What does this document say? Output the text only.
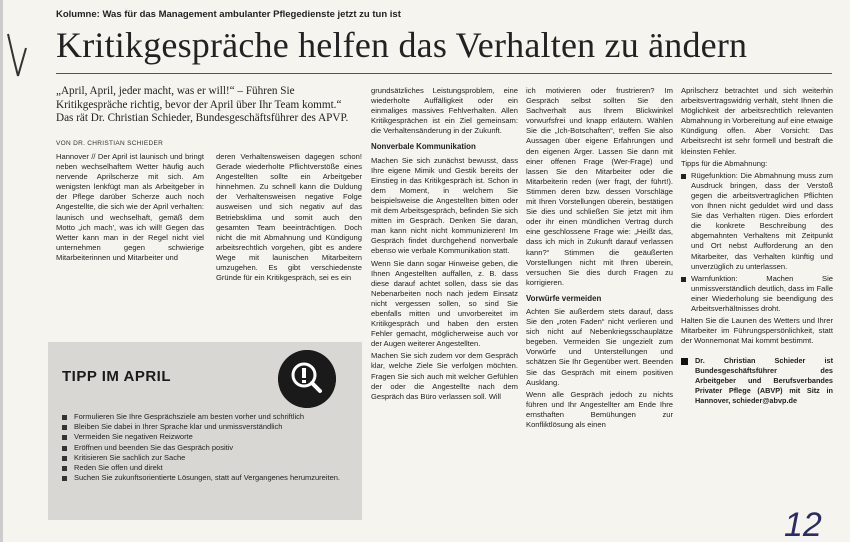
Kolumne: Was für das Management ambulanter Pflegedienste jetzt zu tun ist
Kritikgespräche helfen das Verhalten zu ändern
„April, April, jeder macht, was er will!“ – Führen Sie Kritikgespräche richtig, bevor der April über Ihr Team kommt.“ Das rät Dr. Christian Schieder, Bundesgeschäftsführer des APVP.
VON DR. CHRISTIAN SCHIEDER

Hannover // Der April ist launisch und bringt neben wechselhaftem Wetter häufig auch nervende Aprilscherze mit sich. Am wenigsten lenkfügt man als Arbeitgeber in der Pflege darüber Scherze auch noch Angestellte, die sich wie der April verhalten: launisch und wechselhaft, gemäß dem Motto „ich mach', was ich will! Gegen das Wetter kann man in der Regel nicht viel unternehmen gegen schwierige Mitarbeiterinnen und Mitarbeiter und

deren Verhaltensweisen dagegen schon! Gerade wiederholte Pflichtverstöße eines Angestellten sollte ein Arbeitgeber hinnehmen. Zu schnell kann die Duldung der Verhaltensweisen negative Folge ausweisen und sich negativ auf das Betriebsklima und somit auch den gesamten Team beeinträchtigen. Doch nicht die mit Abmahnung und Kündigung arbeitsrechtlich vorgehen, gibt es andere Wege mit launischen Mitarbeitern umzugehen. Es gibt verschiedenste Gründe für ein Kritikgespräch, sei es ein

TIPP IM APRIL
Formulieren Sie Ihre Gesprächsziele am besten vorher und schriftlich
Bleiben Sie dabei in Ihrer Sprache klar und unmissverständlich
Vermeiden Sie negativen Reizworte
Eröffnen und beenden Sie das Gespräch positiv
Kritisieren Sie sachlich zur Sache
Reden Sie offen und direkt
Suchen Sie zukunftsorientierte Lösungen, statt auf Vergangenes herumzureiten.

grundsätzliches Leistungsproblem, eine wiederholte Auffälligkeit oder ein einmaliges massives Fehlverhalten. Allen Kritikgesprächen ist ein Ziel gemeinsam: die Verhaltensänderung in der Zukunft.

Nonverbale Kommunikation

Machen Sie sich zunächst bewusst, dass Ihre eigene Mimik und Gestik bereits der Einstieg in das Kritikgespräch ist. Schon in dem Moment, in welchem Sie beispielsweise die Angestellten bitten oder mit dem Arbeitsgespräch, befinden Sie sich mitten im Gespräch. Denken Sie daran, man kann nicht nicht kommunizieren! Im Gespräch findet durchgehend nonverbale ebenso wie verbale Kommunikation statt.

Wenn Sie dann sogar Hinweise geben, die Ihnen Angestellten auffallen, z. B. dass diese darauf achtet sollen, dass sie das Nebenarbeiten noch nach jedem Einsatz nicht vergessen sollen, so sind Sie ebenfalls mitten und unvorbereitet im Kritikgespräch und haben den ersten Fehler gemacht, möglicherweise auch vor der Augen weiterer Angestellten.

Machen Sie sich zudem vor dem Gespräch klar, welche Ziele Sie verfolgen möchten. Fragen Sie sich auch mit welcher Gefühlen der oder die Angestellte nach dem Gespräch das Büro verlassen soll. Will

ich motivieren oder frustrieren? Im Gespräch selbst sollten Sie den Sachverhalt aus Ihrem Blickwinkel vorwurfsfrei und knapp erläutern. Wählen Sie die „Ich-Botschaften“, treffen Sie also Aussagen über eigene Erfahrungen und den eigenen Ärger. Lassen Sie dann mit einer offenen Frage (Wer-Frage) und lassen Sie den Mitarbeiter oder die Mitarbeiterin reden (wer fragt, der führt!). Stimmen deren bzw. dessen Vorschläge mit Ihren Vorstellungen überein, bestätigen Sie dies und schließen Sie jetzt mit ihm oder ihr einen mündlichen Vertrag durch eine geschlossene Frage wie: „Heißt das, dass ich mich in Zukunft darauf verlassen kann?“ Stimmen die geäußerten Vorstellungen nicht mit Ihren überein, versuchen Sie dies durch Fragen zu korrigieren.

Vorwürfe vermeiden

Achten Sie außerdem stets darauf, dass Sie den „roten Faden“ nicht verlieren und sich nicht auf Nebenkriegsschauplätze begeben. Vermeiden Sie ungezielt zum Vorwürfe und Unterstellungen und schätzen Sie Ihr Gegenüber wert. Beenden Sie das Gespräch mit einem positiven Ausklang.

Wenn alle Gespräch jedoch zu nichts führen und Ihr Angestellter am Ende Ihre ernsthaften Bemühungen zur Konfliktlösung als einen

Aprilscherz betrachtet und sich weiterhin arbeitsvertragswidrig verhält, steht Ihnen die Möglichkeit der arbeitsrechtlich relevanten Abmahnung in Vorbereitung auf eine etwaige Kündigung offen. Aber Vorsicht: Das Arbeitsrecht ist sehr formell und bestraft die kleinsten Fehler.

Tipps für die Abmahnung:

Rügefunktion: Die Abmahnung muss zum Ausdruck bringen, dass der Verstoß gegen die arbeitsvertraglichen Pflichten von Ihnen nicht geduldet wird und dass Sie das Verhalten rügen. Dies erfordert die konkrete Beschreibung des abgemahnten Verhaltens mit Zeitpunkt und Ort nebst Aufforderung an den Mitarbeiter, das Verhalten künftig und unverzüglich zu unterlassen.
Warnfunktion: Machen Sie unmissverständlich deutlich, dass im Falle einer Wiederholung sie beendigung des Arbeitsverhältnisses droht.

Halten Sie die Launen des Wetters und Ihrer Mitarbeiter im Führungspersönlichkeit, statt der Wonnemonat Mai kommt bestimmt.

Dr. Christian Schieder ist Bundesgeschäftsführer des Arbeitgeber und Berufsverbandes Privater Pflege (ABVP) mit Sitz in Hannover, schieder@abvp.de
12
